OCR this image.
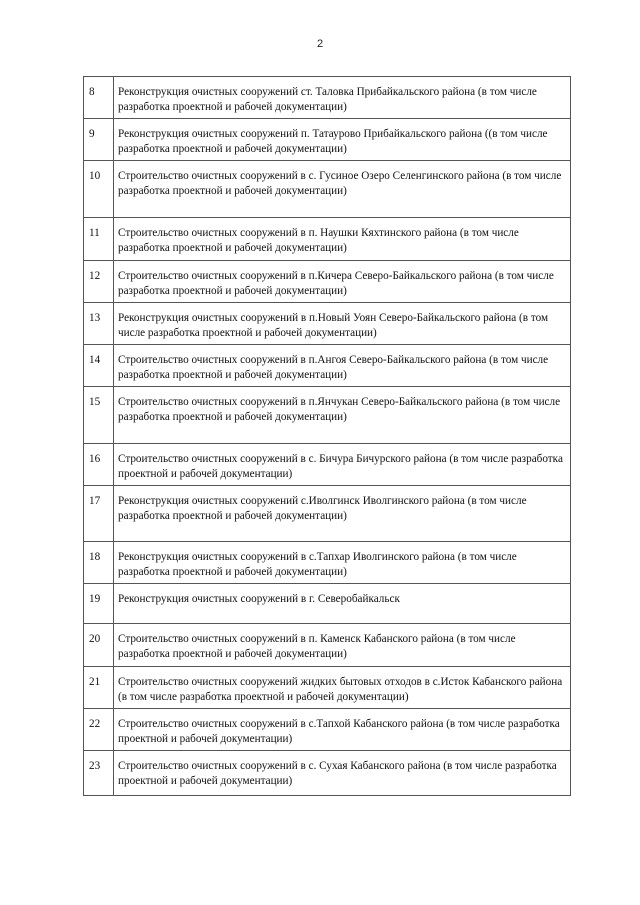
2
8	Реконструкция очистных сооружений ст. Таловка Прибайкальского района (в том числе разработка проектной и рабочей документации)
9	Реконструкция очистных сооружений п. Татаурово Прибайкальского района ((в том числе разработка проектной и рабочей документации)
10	Строительство очистных сооружений в с. Гусиное Озеро Селенгинского района (в том числе разработка проектной и рабочей документации)
11	Строительство очистных сооружений в п. Наушки Кяхтинского района (в том числе разработка проектной и рабочей документации)
12	Строительство очистных сооружений в п.Кичера Северо-Байкальского района (в том числе разработка проектной и рабочей документации)
13	Реконструкция очистных сооружений в п.Новый Уоян Северо-Байкальского района (в том числе разработка проектной и рабочей документации)
14	Строительство очистных сооружений в п.Ангоя Северо-Байкальского района (в том числе разработка проектной и рабочей документации)
15	Строительство очистных сооружений в п.Янчукан Северо-Байкальского района (в том числе разработка проектной и рабочей документации)
16	Строительство очистных сооружений в с. Бичура Бичурского района (в том числе разработка проектной и рабочей документации)
17	Реконструкция очистных сооружений с.Иволгинск Иволгинского района (в том числе разработка проектной и рабочей документации)
18	Реконструкция очистных сооружений в с.Тапхар Иволгинского района (в том числе разработка проектной и рабочей документации)
19	Реконструкция очистных сооружений в г. Северобайкальск
20	Строительство очистных сооружений в п. Каменск Кабанского района (в том числе разработка проектной и рабочей документации)
21	Строительство очистных сооружений жидких бытовых отходов в с.Исток Кабанского района (в том числе разработка проектной и рабочей документации)
22	Строительство очистных сооружений в с.Тапхой Кабанского района (в том числе разработка проектной и рабочей документации)
23	Строительство очистных сооружений в с. Сухая Кабанского района (в том числе разработка проектной и рабочей документации)
